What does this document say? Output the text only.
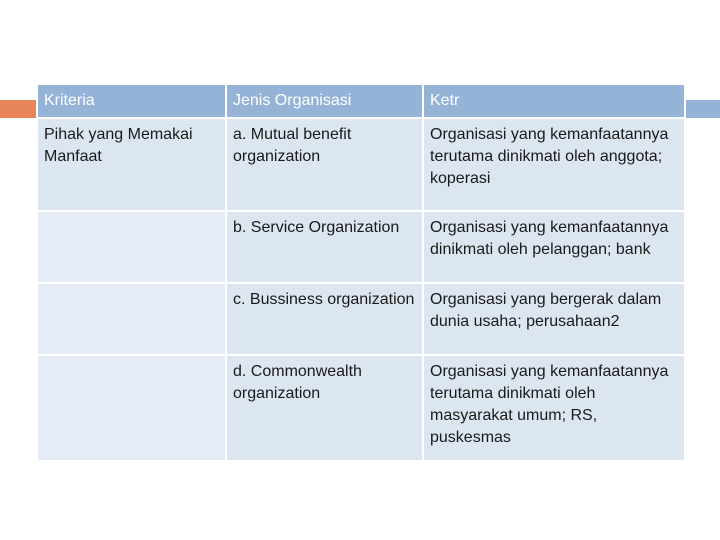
Kriteria	Jenis Organisasi	Ketr
Pihak yang Memakai Manfaat	a. Mutual benefit organization	Organisasi yang kemanfaatannya terutama dinikmati oleh anggota; koperasi
	b. Service Organization	Organisasi yang kemanfaatannya dinikmati oleh pelanggan; bank
	c. Bussiness organization	Organisasi yang bergerak dalam dunia usaha; perusahaan2
	d. Commonwealth organization	Organisasi yang kemanfaatannya terutama dinikmati oleh masyarakat umum; RS, puskesmas
